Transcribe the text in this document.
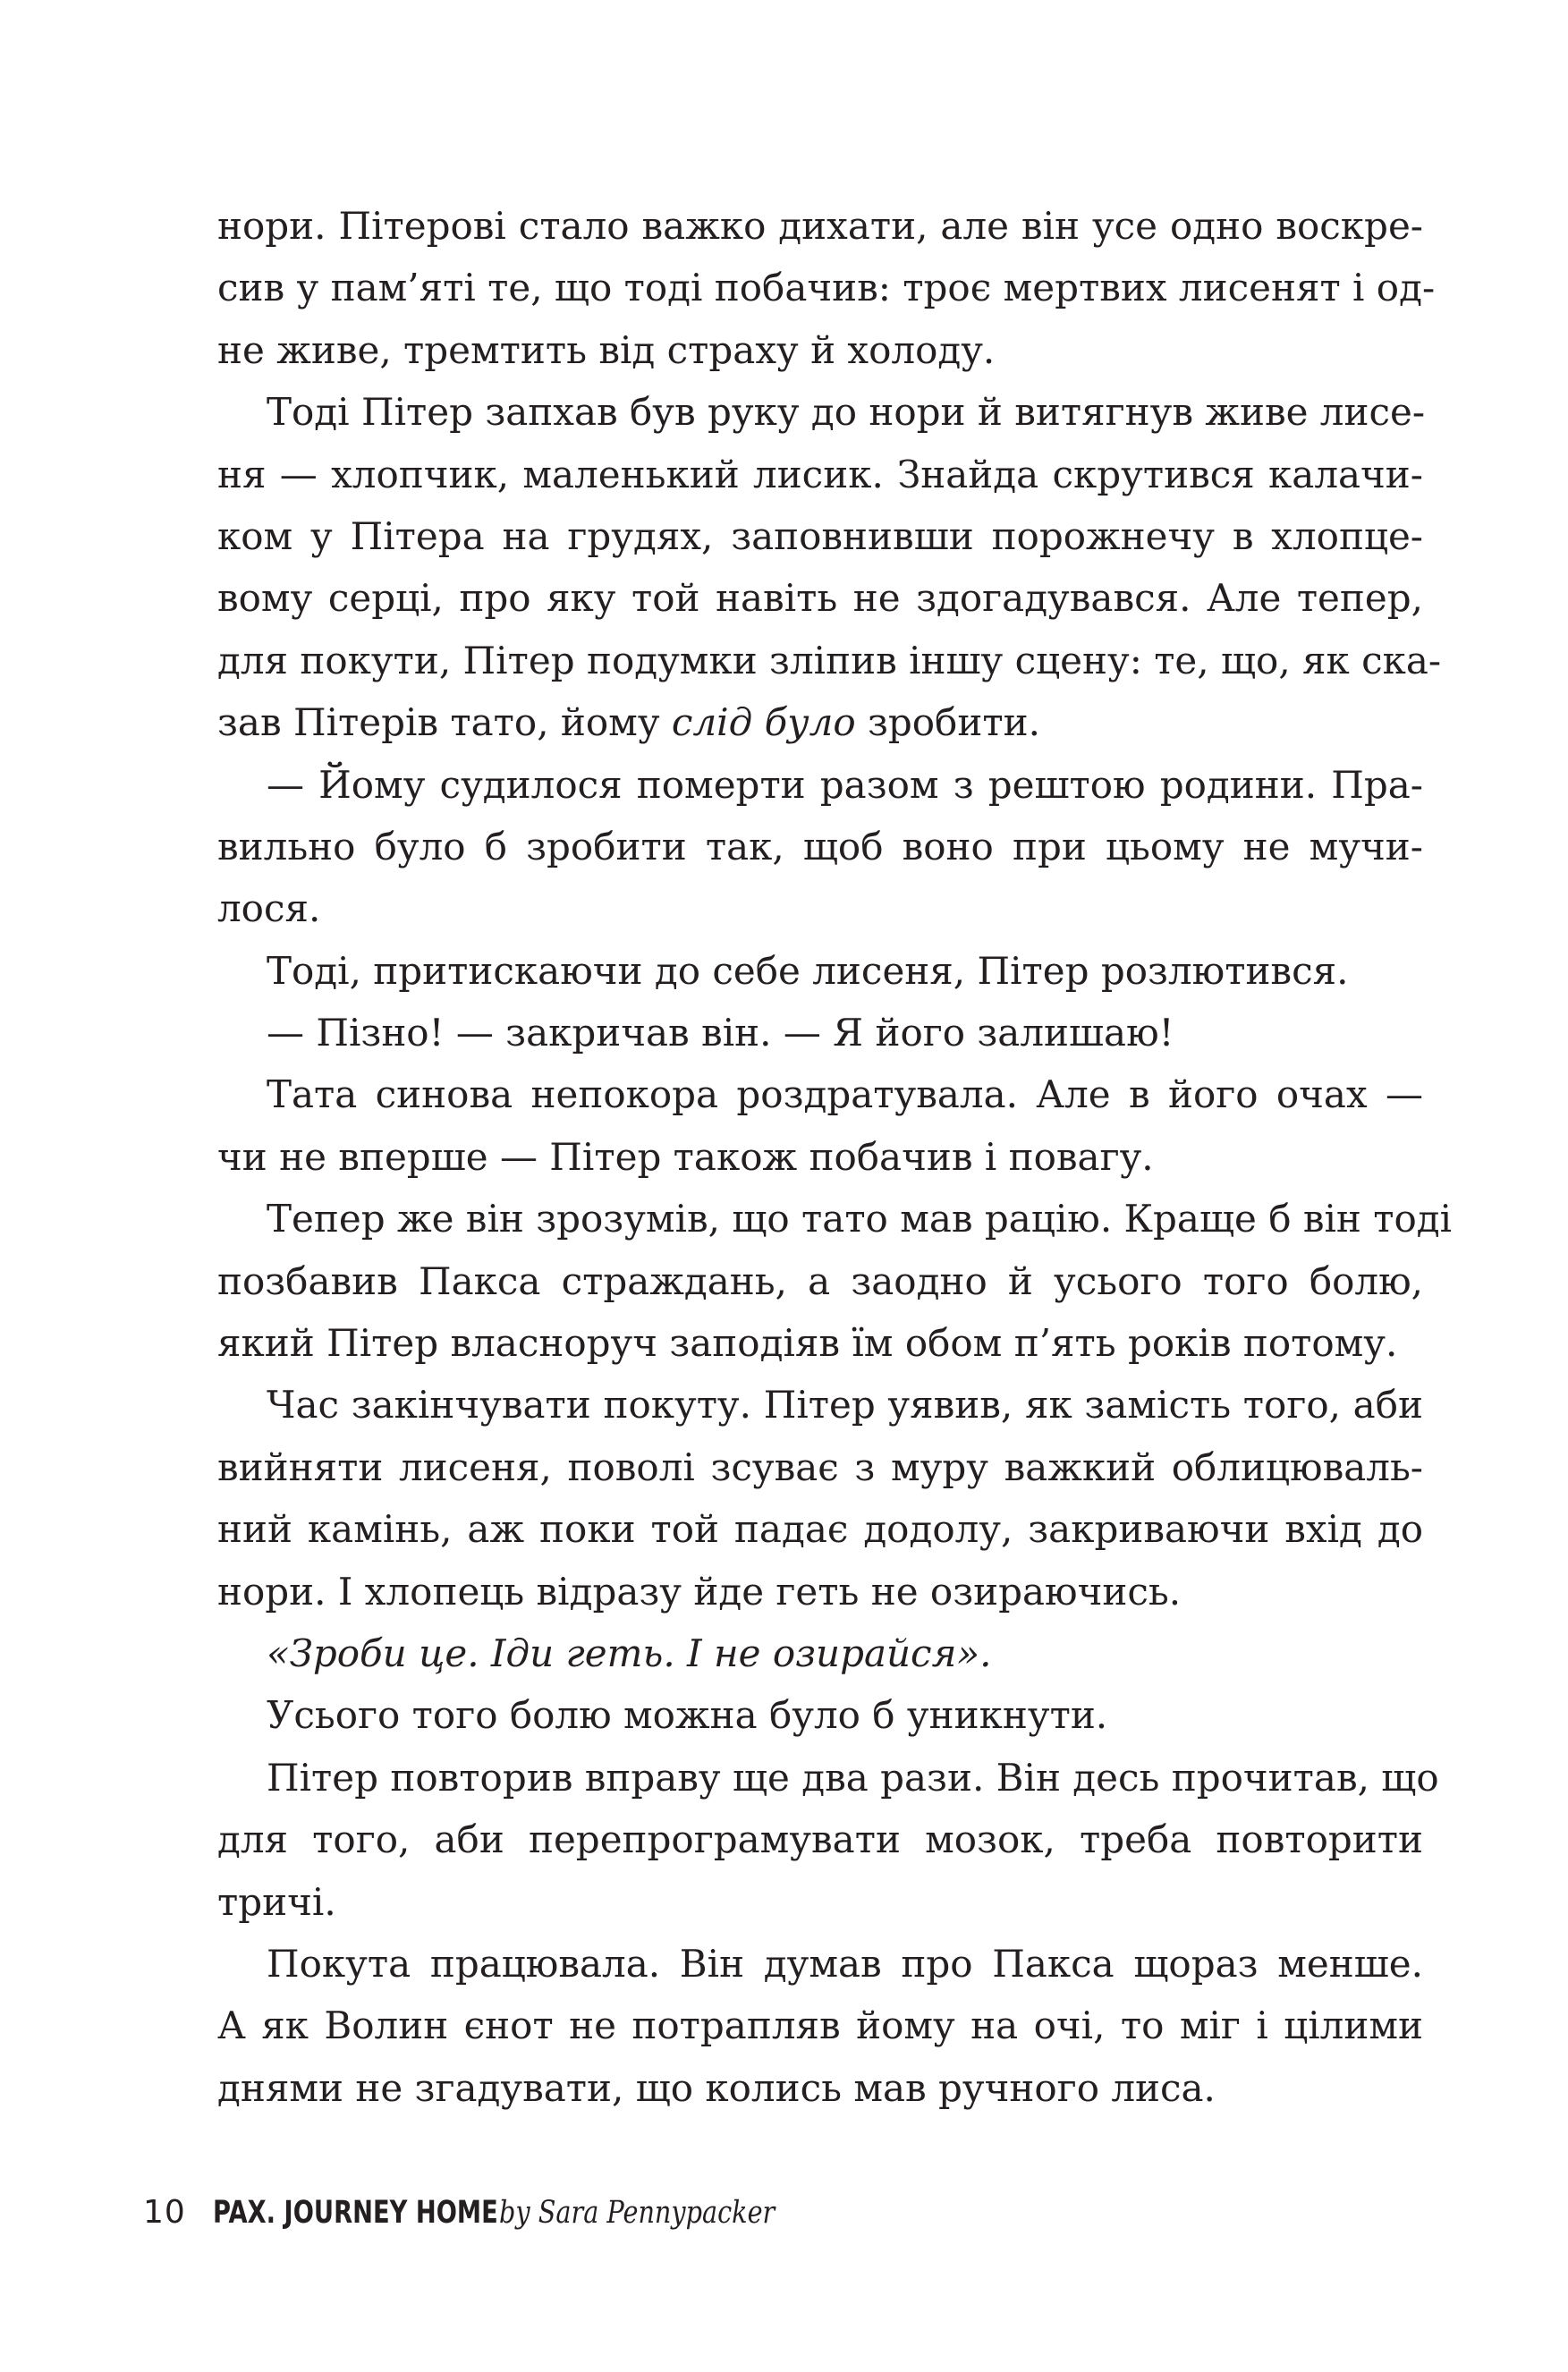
нори. Пітерові стало важко дихати, але він усе одно воскре-
сив у пам’яті те, що тоді побачив: троє мертвих лисенят і од-
не живе, тремтить від страху й холоду.
Тоді Пітер запхав був руку до нори й витягнув живе лисе-
ня — хлопчик, маленький лисик. Знайда скрутився калачи-
ком у Пітера на грудях, заповнивши порожнечу в хлопце-
вому серці, про яку той навіть не здогадувався. Але тепер,
для покути, Пітер подумки зліпив іншу сцену: те, що, як ска-
зав Пітерів тато, йому слід було зробити.
— Йому судилося померти разом з рештою родини. Пра-
вильно було б зробити так, щоб воно при цьому не мучи-
лося.
Тоді, притискаючи до себе лисеня, Пітер розлютився.
— Пізно! — закричав він. — Я його залишаю!
Тата синова непокора роздратувала. Але в його очах —
чи не вперше — Пітер також побачив і повагу.
Тепер же він зрозумів, що тато мав рацію. Краще б він тоді
позбавив Пакса страждань, а заодно й усього того болю,
який Пітер власноруч заподіяв їм обом п’ять років потому.
Час закінчувати покуту. Пітер уявив, як замість того, аби
вийняти лисеня, поволі зсуває з муру важкий облицюваль-
ний камінь, аж поки той падає додолу, закриваючи вхід до
нори. І хлопець відразу йде геть не озираючись.
«Зроби це. Іди геть. І не озирайся».
Усього того болю можна було б уникнути.
Пітер повторив вправу ще два рази. Він десь прочитав, що
для того, аби перепрограмувати мозок, треба повторити
тричі.
Покута працювала. Він думав про Пакса щораз менше.
А як Волин єнот не потрапляв йому на очі, то міг і цілими
днями не згадувати, що колись мав ручного лиса.
10 PAX. JOURNEY HOMEby Sara Pennypacker
